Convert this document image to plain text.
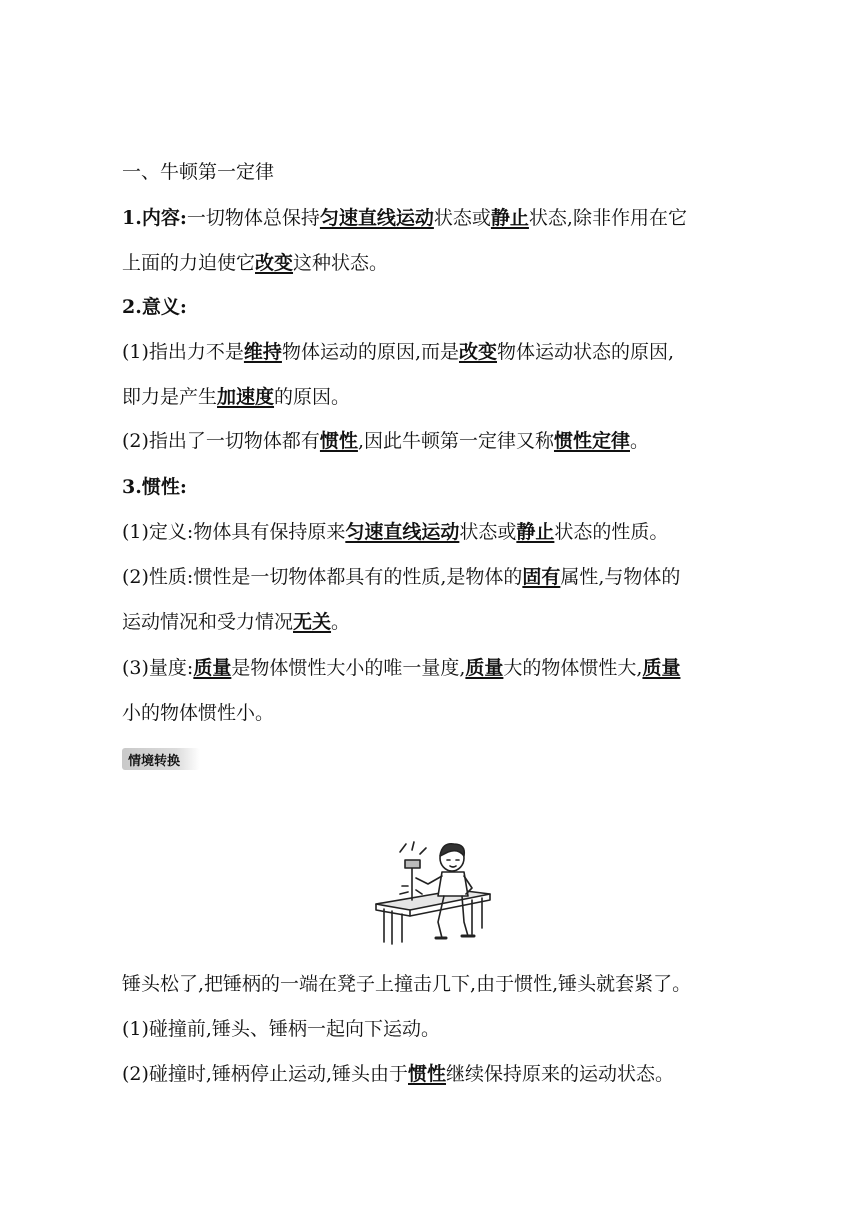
一、牛顿第一定律
1.内容:一切物体总保持匀速直线运动状态或静止状态,除非作用在它
上面的力迫使它改变这种状态。
2.意义:
(1)指出力不是维持物体运动的原因,而是改变物体运动状态的原因,
即力是产生加速度的原因。
(2)指出了一切物体都有惯性,因此牛顿第一定律又称惯性定律。
3.惯性:
(1)定义:物体具有保持原来匀速直线运动状态或静止状态的性质。
(2)性质:惯性是一切物体都具有的性质,是物体的固有属性,与物体的
运动情况和受力情况无关。
(3)量度:质量是物体惯性大小的唯一量度,质量大的物体惯性大,质量
小的物体惯性小。
情境转换
锤头松了,把锤柄的一端在凳子上撞击几下,由于惯性,锤头就套紧了。
(1)碰撞前,锤头、锤柄一起向下运动。
(2)碰撞时,锤柄停止运动,锤头由于惯性继续保持原来的运动状态。
